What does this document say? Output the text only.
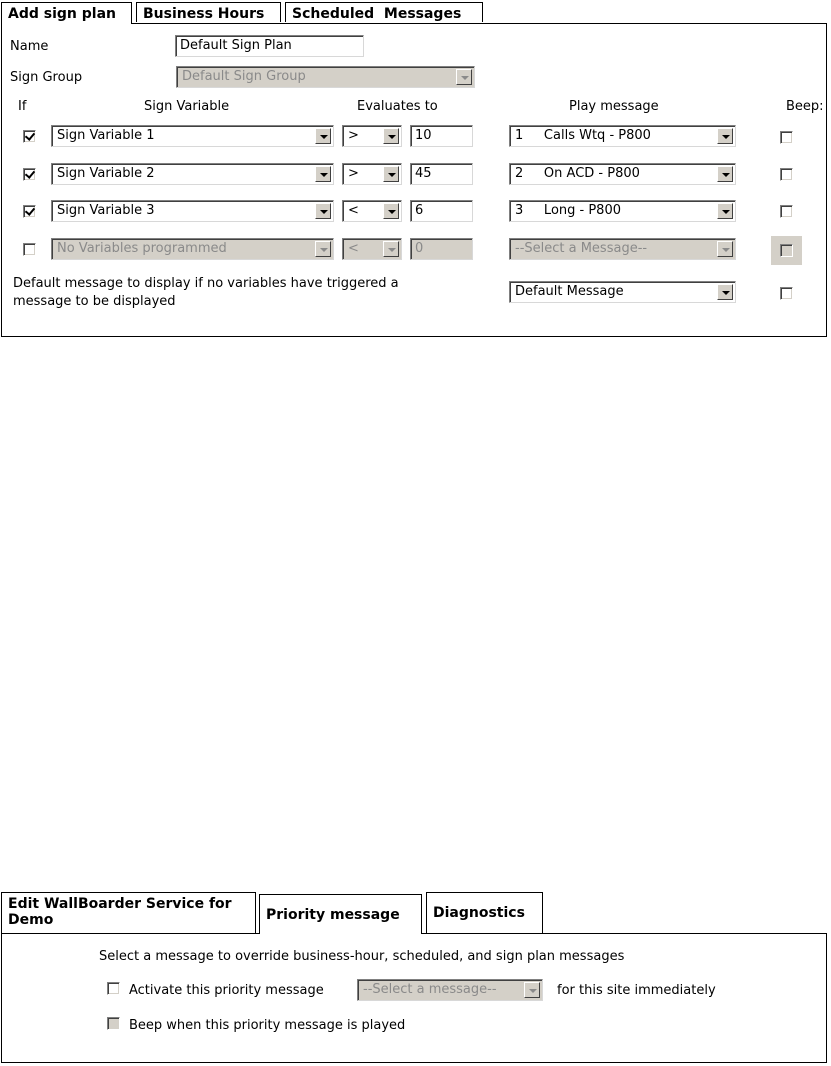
Add sign plan	Business Hours	Scheduled  Messages
Name	Default Sign Plan
Sign Group	Default Sign Group
If	Sign Variable	Evaluates to	Play message	Beep:
Sign Variable 1	>	10	1     Calls Wtq - P800
Sign Variable 2	>	45	2     On ACD - P800
Sign Variable 3	<	6	3     Long - P800
No Variables programmed	<	0	--Select a Message--
Default message to display if no variables have triggered a
message to be displayed
Default Message
Edit WallBoarder Service for
Demo	Priority message	Diagnostics
Select a message to override business-hour, scheduled, and sign plan messages
Activate this priority message	--Select a message--	for this site immediately
Beep when this priority message is played
